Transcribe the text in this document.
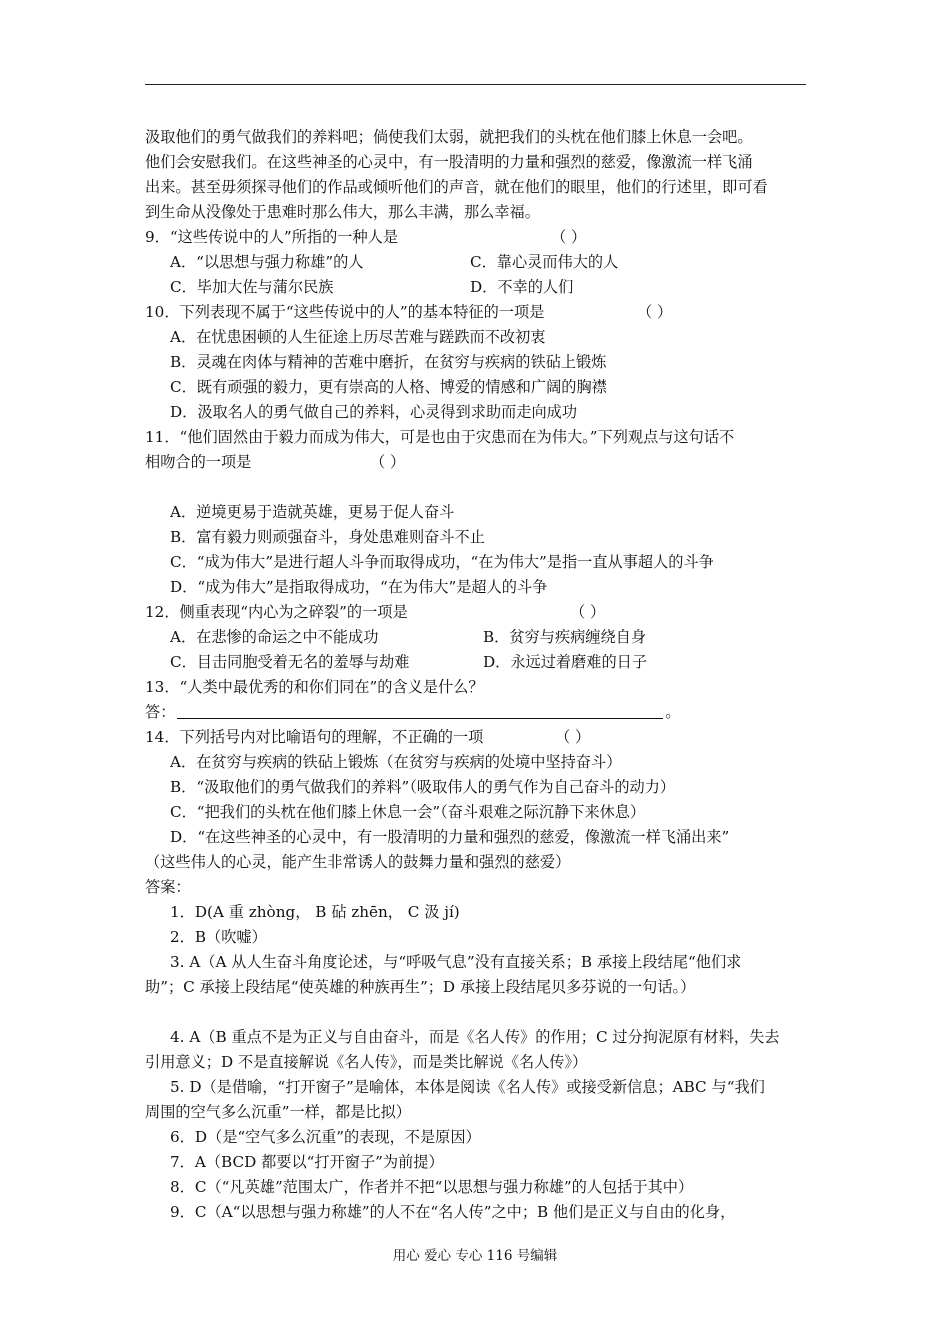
汲取他们的勇气做我们的养料吧；倘使我们太弱，就把我们的头枕在他们膝上休息一会吧。
他们会安慰我们。在这些神圣的心灵中，有一股清明的力量和强烈的慈爱，像激流一样飞涌
出来。甚至毋须探寻他们的作品或倾听他们的声音，就在他们的眼里，他们的行述里，即可看
到生命从没像处于患难时那么伟大，那么丰满，那么幸福。
9．“这些传说中的人”所指的一种人是	（ ）
A．“以思想与强力称雄”的人	C．靠心灵而伟大的人
C．毕加大佐与蒲尔民族	D．不幸的人们
10．下列表现不属于“这些传说中的人”的基本特征的一项是	（ ）
A．在忧患困顿的人生征途上历尽苦难与蹉跌而不改初衷
B．灵魂在肉体与精神的苦难中磨折，在贫穷与疾病的铁砧上锻炼
C．既有顽强的毅力，更有崇高的人格、博爱的情感和广阔的胸襟
D．汲取名人的勇气做自己的养料，心灵得到求助而走向成功
11．“他们固然由于毅力而成为伟大，可是也由于灾患而在为伟大。”下列观点与这句话不
相吻合的一项是	（ ）
A．逆境更易于造就英雄，更易于促人奋斗
B．富有毅力则顽强奋斗，身处患难则奋斗不止
C．“成为伟大”是进行超人斗争而取得成功，“在为伟大”是指一直从事超人的斗争
D．“成为伟大”是指取得成功，“在为伟大”是超人的斗争
12．侧重表现“内心为之碎裂”的一项是	（ ）
A．在悲惨的命运之中不能成功	B．贫穷与疾病缠绕自身
C．目击同胞受着无名的羞辱与劫难	D．永远过着磨难的日子
13．“人类中最优秀的和你们同在”的含义是什么？
答：	。
14．下列括号内对比喻语句的理解，不正确的一项	（ ）
A．在贫穷与疾病的铁砧上锻炼（在贫穷与疾病的处境中坚持奋斗）
B．“汲取他们的勇气做我们的养料”（吸取伟人的勇气作为自己奋斗的动力）
C．“把我们的头枕在他们膝上休息一会”（奋斗艰难之际沉静下来休息）
D．“在这些神圣的心灵中，有一股清明的力量和强烈的慈爱，像激流一样飞涌出来”
（这些伟人的心灵，能产生非常诱人的鼓舞力量和强烈的慈爱）
答案：
1．D(A 重 zhòng， B 砧 zhēn， C 汲 jí)
2．B（吹嘘）
3. A（A 从人生奋斗角度论述，与“呼吸气息”没有直接关系；B 承接上段结尾“他们求
助”；C 承接上段结尾“使英雄的种族再生”；D 承接上段结尾贝多芬说的一句话。）
4. A（B 重点不是为正义与自由奋斗，而是《名人传》的作用；C 过分拘泥原有材料，失去
引用意义；D 不是直接解说《名人传》，而是类比解说《名人传》）
5. D（是借喻，“打开窗子”是喻体，本体是阅读《名人传》或接受新信息；ABC 与“我们
周围的空气多么沉重”一样，都是比拟）
6．D（是“空气多么沉重”的表现，不是原因）
7．A（BCD 都要以“打开窗子”为前提）
8．C（“凡英雄”范围太广，作者并不把“以思想与强力称雄”的人包括于其中）
9．C（A“以思想与强力称雄”的人不在“名人传”之中；B 他们是正义与自由的化身，
用心 爱心 专心 116 号编辑
